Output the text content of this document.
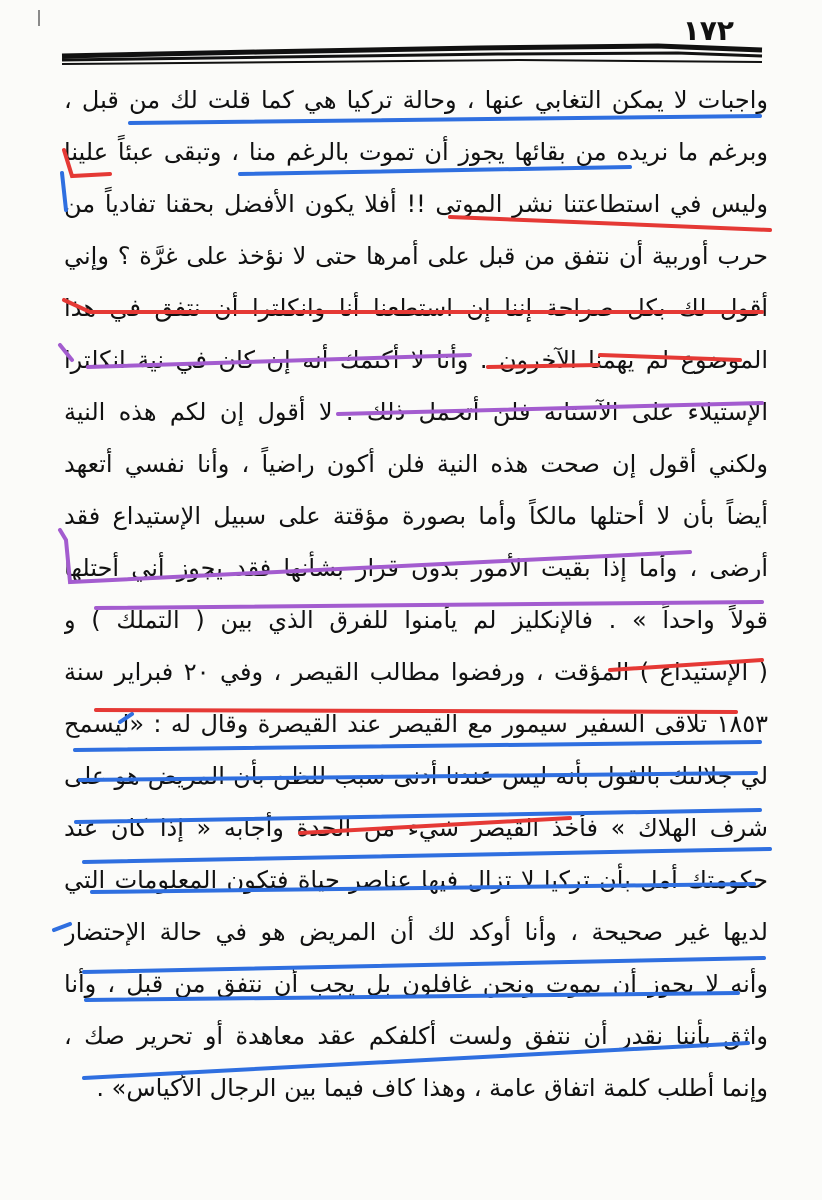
١٧٢
واجبات لا يمكن التغابي عنها ، وحالة تركيا هي كما قلت لك من قبل ،
وبرغم ما نريده من بقائها يجوز أن تموت بالرغم منا ، وتبقى عبئاً علينا
وليس في استطاعتنا نشر الموتى !! أفلا يكون الأفضل بحقنا تفادياً من
حرب أوربية أن نتفق من قبل على أمرها حتى لا نؤخذ على غرَّة ؟ وإني
أقول لك بكل صراحة إننا إن استطعنا أنا وانكلترا أن نتفق في هذا
الموضوع لم يهمنا الآخرون . وأنا لا أكتمك أنه إن كان في نية انكلترا
الإستيلاء على الآستانة فلن أتحمل ذلك . لا أقول إن لكم هذه النية
ولكني أقول إن صحت هذه النية فلن أكون راضياً ، وأنا نفسي أتعهد
أيضاً بأن لا أحتلها مالكاً وأما بصورة مؤقتة على سبيل الإستيداع فقد
أرضى ، وأما إذا بقيت الأمور بدون قرار بشأنها فقد يجوز أني أحتلها
قولاً واحداً » . فالإنكليز لم يأمنوا للفرق الذي بين ( التملك ) و
( الإستيداع ) المؤقت ، ورفضوا مطالب القيصر ، وفي ٢٠ فبراير سنة
١٨٥٣ تلاقى السفير سيمور مع القيصر عند القيصرة وقال له : «ليسمح
لي جلالتك بالقول بأنه ليس عندنا أدنى سبب للظن بأن المريض هو على
شرف الهلاك » فأخذ القيصر شيء من الحدة وأجابه « إذا كان عند
حكومتك أمل بأن تركيا لا تزال فيها عناصر حياة فتكون المعلومات التي
لديها غير صحيحة ، وأنا أوكد لك أن المريض هو في حالة الإحتضار
وأنه لا يجوز أن يموت ونحن غافلون بل يجب أن نتفق من قبل ، وأنا
واثق بأننا نقدر أن نتفق ولست أكلفكم عقد معاهدة أو تحرير صك ،
وإنما أطلب كلمة اتفاق عامة ، وهذا كاف فيما بين الرجال الأكياس» .
